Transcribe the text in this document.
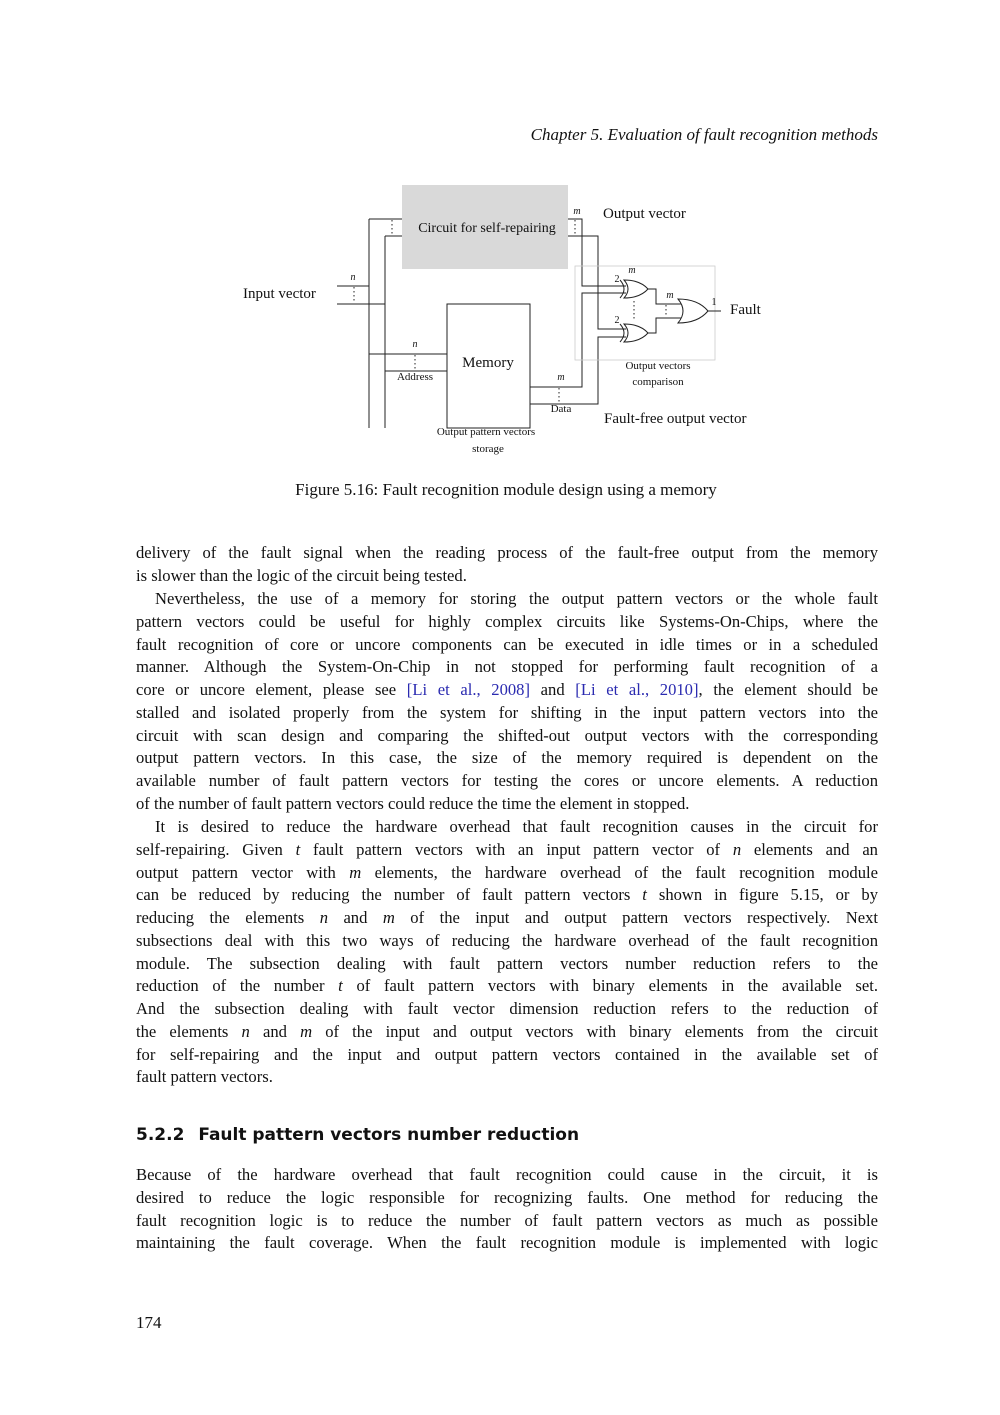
Chapter 5. Evaluation of fault recognition methods
Circuit for self-repairing
Memory
Input vector
Output vector
Fault-free output vector
Fault
Address
Data
Output vectors
comparison
Output pattern vectors
storage
n
m
n
m
m
m
2
2
1
Figure 5.16: Fault recognition module design using a memory
delivery of the fault signal when the reading process of the fault-free output from the memory
is slower than the logic of the circuit being tested.
Nevertheless, the use of a memory for storing the output pattern vectors or the whole fault
pattern vectors could be useful for highly complex circuits like Systems-On-Chips, where the
fault recognition of core or uncore components can be executed in idle times or in a scheduled
manner. Although the System-On-Chip in not stopped for performing fault recognition of a
core or uncore element, please see [Li et al., 2008] and [Li et al., 2010], the element should be
stalled and isolated properly from the system for shifting in the input pattern vectors into the
circuit with scan design and comparing the shifted-out output vectors with the corresponding
output pattern vectors. In this case, the size of the memory required is dependent on the
available number of fault pattern vectors for testing the cores or uncore elements. A reduction
of the number of fault pattern vectors could reduce the time the element in stopped.
It is desired to reduce the hardware overhead that fault recognition causes in the circuit for
self-repairing. Given t fault pattern vectors with an input pattern vector of n elements and an
output pattern vector with m elements, the hardware overhead of the fault recognition module
can be reduced by reducing the number of fault pattern vectors t shown in figure 5.15, or by
reducing the elements n and m of the input and output pattern vectors respectively. Next
subsections deal with this two ways of reducing the hardware overhead of the fault recognition
module. The subsection dealing with fault pattern vectors number reduction refers to the
reduction of the number t of fault pattern vectors with binary elements in the available set.
And the subsection dealing with fault vector dimension reduction refers to the reduction of
the elements n and m of the input and output vectors with binary elements from the circuit
for self-repairing and the input and output pattern vectors contained in the available set of
fault pattern vectors.
5.2.2 Fault pattern vectors number reduction
Because of the hardware overhead that fault recognition could cause in the circuit, it is
desired to reduce the logic responsible for recognizing faults. One method for reducing the
fault recognition logic is to reduce the number of fault pattern vectors as much as possible
maintaining the fault coverage. When the fault recognition module is implemented with logic
174
